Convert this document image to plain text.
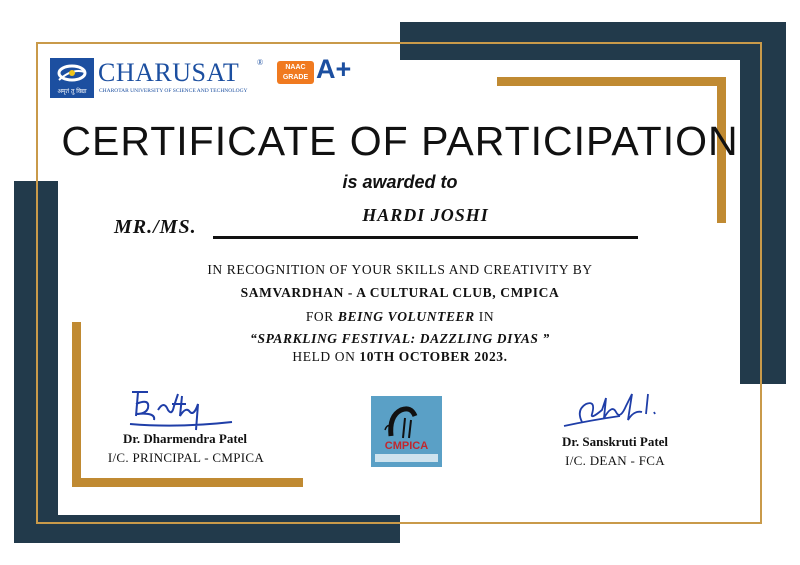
अमृतं तु विद्या
CHARUSAT ®
CHAROTAR UNIVERSITY OF SCIENCE AND TECHNOLOGY
NAAC
GRADE A+
CERTIFICATE OF PARTICIPATION
is awarded to
MR./MS.
HARDI JOSHI
IN RECOGNITION OF YOUR SKILLS AND CREATIVITY BY
SAMVARDHAN - A CULTURAL CLUB, CMPICA
FOR BEING VOLUNTEER IN
“SPARKLING FESTIVAL: DAZZLING DIYAS ”
HELD ON 10TH OCTOBER 2023.
Dr. Dharmendra Patel
I/C. PRINCIPAL - CMPICA
CMPICA	Dr. Sanskruti Patel
I/C. DEAN - FCA
